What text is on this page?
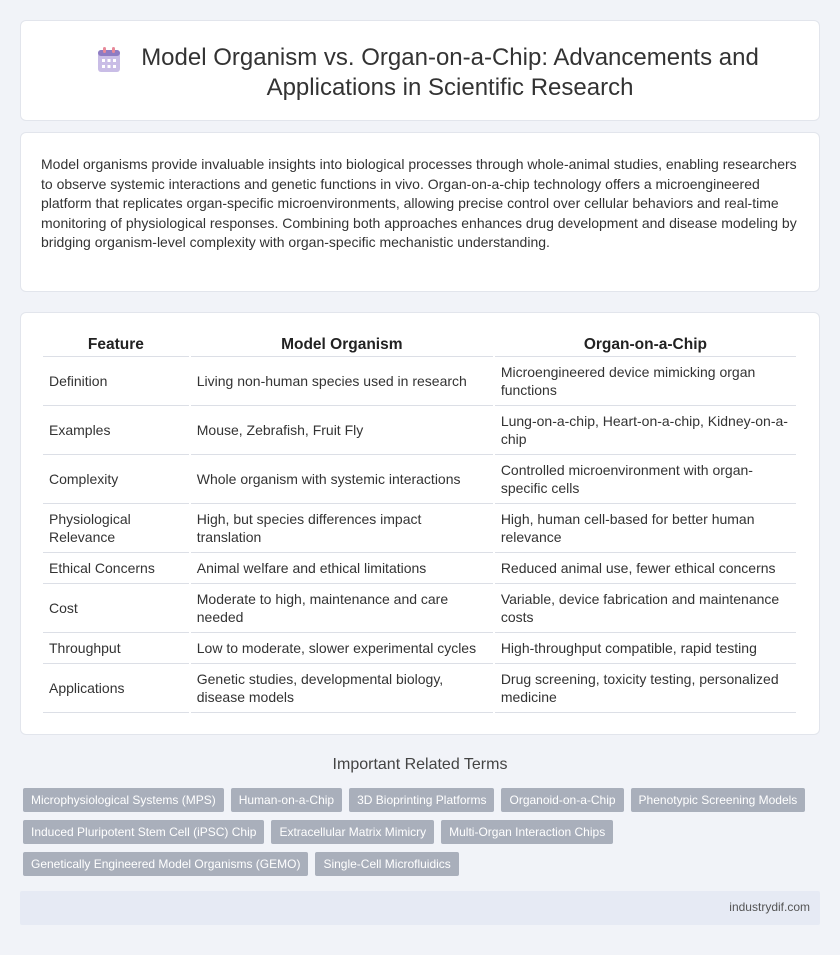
Model Organism vs. Organ-on-a-Chip: Advancements and Applications in Scientific Research

Model organisms provide invaluable insights into biological processes through whole-animal studies, enabling researchers to observe systemic interactions and genetic functions in vivo. Organ-on-a-chip technology offers a microengineered platform that replicates organ-specific microenvironments, allowing precise control over cellular behaviors and real-time monitoring of physiological responses. Combining both approaches enhances drug development and disease modeling by bridging organism-level complexity with organ-specific mechanistic understanding.

Feature	Model Organism	Organ-on-a-Chip
Definition	Living non-human species used in research	Microengineered device mimicking organ functions
Examples	Mouse, Zebrafish, Fruit Fly	Lung-on-a-chip, Heart-on-a-chip, Kidney-on-a-chip
Complexity	Whole organism with systemic interactions	Controlled microenvironment with organ-specific cells
Physiological Relevance	High, but species differences impact translation	High, human cell-based for better human relevance
Ethical Concerns	Animal welfare and ethical limitations	Reduced animal use, fewer ethical concerns
Cost	Moderate to high, maintenance and care needed	Variable, device fabrication and maintenance costs
Throughput	Low to moderate, slower experimental cycles	High-throughput compatible, rapid testing
Applications	Genetic studies, developmental biology, disease models	Drug screening, toxicity testing, personalized medicine
Important Related Terms
Microphysiological Systems (MPS)	Human-on-a-Chip	3D Bioprinting Platforms	Organoid-on-a-Chip	Phenotypic Screening Models
Induced Pluripotent Stem Cell (iPSC) Chip	Extracellular Matrix Mimicry	Multi-Organ Interaction Chips
Genetically Engineered Model Organisms (GEMO)	Single-Cell Microfluidics
industrydif.com
